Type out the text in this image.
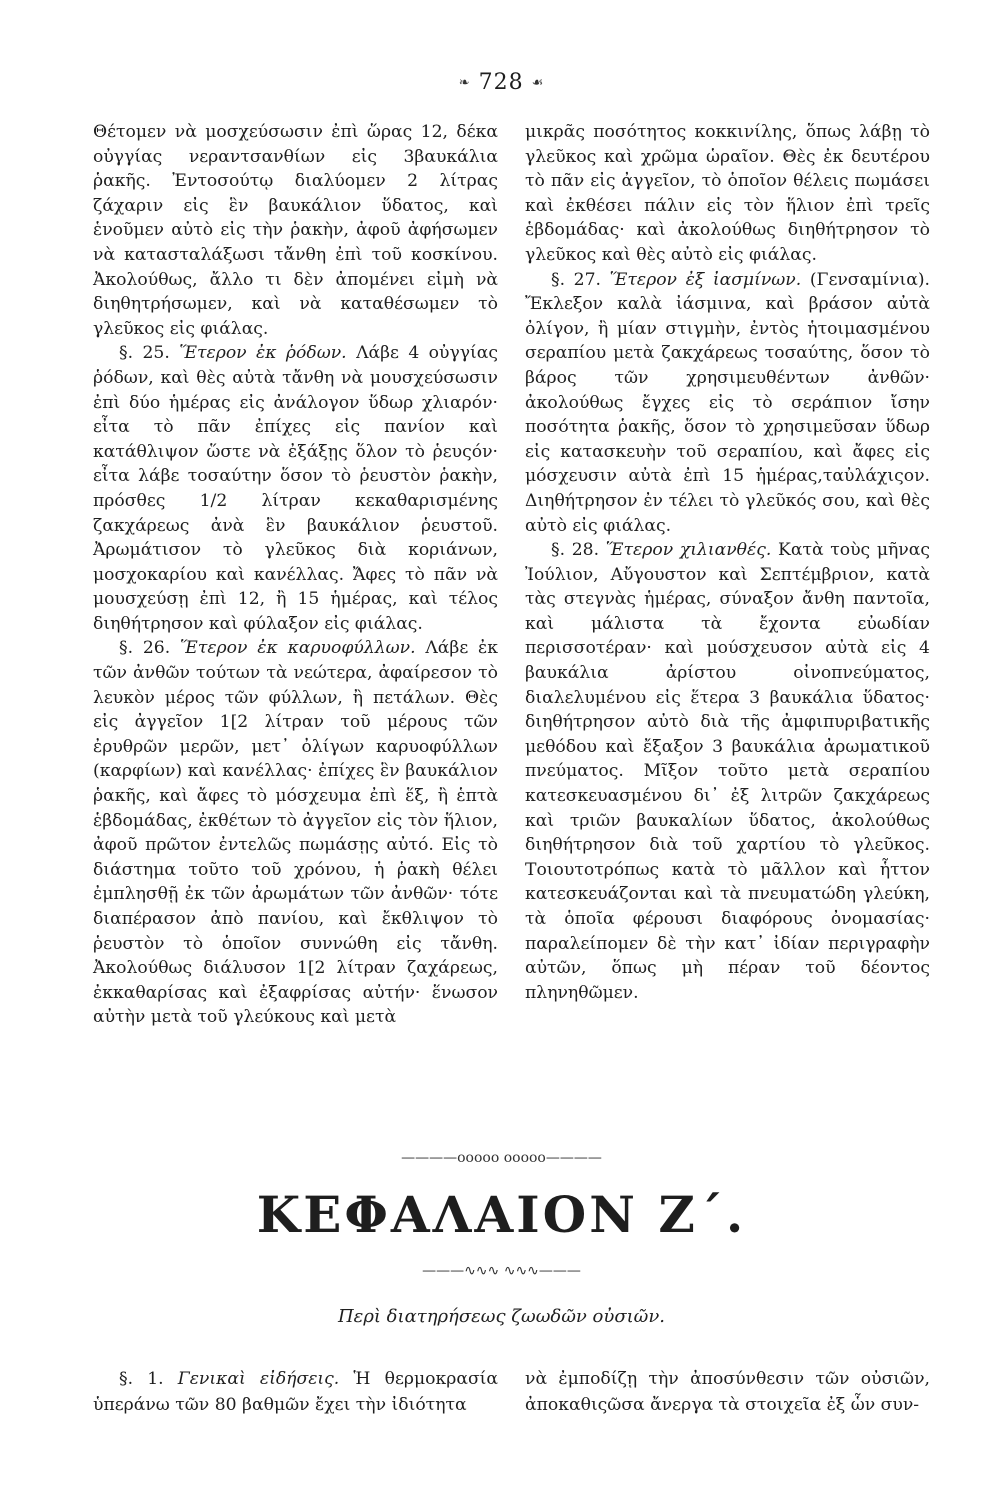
❧ 728 ☙

Θέτομεν νὰ μοσχεύσωσιν ἐπὶ ὥρας 12, δέκα οὐγγίας νεραντσανθίων εἰς 3βαυκάλια ῥακῆς. Ἐντοσούτῳ διαλύομεν 2 λίτρας ζάχαριν εἰς ἓν βαυκάλιον ὕδατος, καὶ ἑνοῦμεν αὐτὸ εἰς τὴν ῥακὴν, ἀφοῦ ἀφήσωμεν νὰ κατασταλάξωσι τἄνθη ἐπὶ τοῦ κοσκίνου. Ἀκολούθως, ἄλλο τι δὲν ἀπομένει εἰμὴ νὰ διηθητρήσωμεν, καὶ νὰ καταθέσωμεν τὸ γλεῦκος εἰς φιάλας.

§. 25. Ἕτερον ἐκ ῥόδων. Λάβε 4 οὐγγίας ῥόδων, καὶ θὲς αὐτὰ τἄνθη νὰ μουσχεύσωσιν ἐπὶ δύο ἡμέρας εἰς ἀνάλογον ὕδωρ χλιαρόν· εἶτα τὸ πᾶν ἐπίχες εἰς πανίον καὶ κατάθλιψον ὥστε νὰ ἐξάξῃς ὅλον τὸ ῥευςόν· εἶτα λάβε τοσαύτην ὅσον τὸ ῥευστὸν ῥακὴν, πρόσθες 1/2 λίτραν κεκαθαρισμένης ζακχάρεως ἀνὰ ἓν βαυκάλιον ῥευστοῦ. Ἀρωμάτισον τὸ γλεῦκος διὰ κοριάνων, μοσχοκαρίου καὶ κανέλλας. Ἄφες τὸ πᾶν νὰ μουσχεύσῃ ἐπὶ 12, ἢ 15 ἡμέρας, καὶ τέλος διηθήτρησον καὶ φύλαξον εἰς φιάλας.

§. 26. Ἕτερον ἐκ καρυοφύλλων. Λάβε ἐκ τῶν ἀνθῶν τούτων τὰ νεώτερα, ἀφαίρεσον τὸ λευκὸν μέρος τῶν φύλλων, ἢ πετάλων. Θὲς εἰς ἀγγεῖον 1[2 λίτραν τοῦ μέρους τῶν ἐρυθρῶν μερῶν, μετ᾽ ὀλίγων καρυοφύλλων (καρφίων) καὶ κανέλλας· ἐπίχες ἓν βαυκάλιον ῥακῆς, καὶ ἄφες τὸ μόσχευμα ἐπὶ ἕξ, ἢ ἑπτὰ ἑβδομάδας, ἐκθέτων τὸ ἀγγεῖον εἰς τὸν ἥλιον, ἀφοῦ πρῶτον ἐντελῶς πωμάσῃς αὐτό. Εἰς τὸ διάστημα τοῦτο τοῦ χρόνου, ἡ ῥακὴ θέλει ἐμπλησθῇ ἐκ τῶν ἀρωμάτων τῶν ἀνθῶν· τότε διαπέρασον ἀπὸ πανίου, καὶ ἔκθλιψον τὸ ῥευστὸν τὸ ὁποῖον συννώθη εἰς τἄνθη. Ἀκολούθως διάλυσον 1[2 λίτραν ζαχάρεως, ἐκκαθαρίσας καὶ ἐξαφρίσας αὐτήν· ἕνωσον αὐτὴν μετὰ τοῦ γλεύκους καὶ μετὰ

μικρᾶς ποσότητος κοκκινίλης, ὅπως λάβῃ τὸ γλεῦκος καὶ χρῶμα ὡραῖον. Θὲς ἐκ δευτέρου τὸ πᾶν εἰς ἀγγεῖον, τὸ ὁποῖον θέλεις πωμάσει καὶ ἐκθέσει πάλιν εἰς τὸν ἥλιον ἐπὶ τρεῖς ἑβδομάδας· καὶ ἀκολούθως διηθήτρησον τὸ γλεῦκος καὶ θὲς αὐτὸ εἰς φιάλας.

§. 27. Ἕτερον ἐξ ἰασμίνων. (Γενσαμίνια). Ἔκλεξον καλὰ ἰάσμινα, καὶ βράσον αὐτὰ ὀλίγον, ἢ μίαν στιγμὴν, ἐντὸς ἡτοιμασμένου σεραπίου μετὰ ζακχάρεως τοσαύτης, ὅσον τὸ βάρος τῶν χρησιμευθέντων ἀνθῶν· ἀκολούθως ἔγχες εἰς τὸ σεράπιον ἴσην ποσότητα ῥακῆς, ὅσον τὸ χρησιμεῦσαν ὕδωρ εἰς κατασκευὴν τοῦ σεραπίου, καὶ ἄφες εἰς μόσχευσιν αὐτὰ ἐπὶ 15 ἡμέρας,ταὐλάχιςον. Διηθήτρησον ἐν τέλει τὸ γλεῦκός σου, καὶ θὲς αὐτὸ εἰς φιάλας.

§. 28. Ἕτερον χιλιανθές. Κατὰ τοὺς μῆνας Ἰούλιον, Αὔγουστον καὶ Σεπτέμβριον, κατὰ τὰς στεγνὰς ἡμέρας, σύναξον ἄνθη παντοῖα, καὶ μάλιστα τὰ ἔχοντα εὐωδίαν περισσοτέραν· καὶ μούσχευσον αὐτὰ εἰς 4 βαυκάλια ἀρίστου οἰνοπνεύματος, διαλελυμένου εἰς ἕτερα 3 βαυκάλια ὕδατος· διηθήτρησον αὐτὸ διὰ τῆς ἀμφιπυριβατικῆς μεθόδου καὶ ἔξαξον 3 βαυκάλια ἀρωματικοῦ πνεύματος. Μῖξον τοῦτο μετὰ σεραπίου κατεσκευασμένου δι᾽ ἐξ λιτρῶν ζακχάρεως καὶ τριῶν βαυκαλίων ὕδατος, ἀκολούθως διηθήτρησον διὰ τοῦ χαρτίου τὸ γλεῦκος. Τοιουτοτρόπως κατὰ τὸ μᾶλλον καὶ ἧττον κατεσκευάζονται καὶ τὰ πνευματώδη γλεύκη, τὰ ὁποῖα φέρουσι διαφόρους ὀνομασίας· παραλείπομεν δὲ τὴν κατ᾽ ἰδίαν περιγραφὴν αὐτῶν, ὅπως μὴ πέραν τοῦ δέοντος πληνηθῶμεν.

————ooooo ooooo————
ΚΕΦΑΛΑΙΟΝ Ζ΄.
———∿∿∿ ∿∿∿———
Περὶ διατηρήσεως ζωωδῶν οὐσιῶν.
§. 1. Γενικαὶ εἰδήσεις. Ἡ θερμοκρασία ὑπεράνω τῶν 80 βαθμῶν ἔχει τὴν ἰδιότητα
νὰ ἐμποδίζῃ τὴν ἀποσύνθεσιν τῶν οὐσιῶν, ἀποκαθιςῶσα ἄνεργα τὰ στοιχεῖα ἐξ ὧν συν-
